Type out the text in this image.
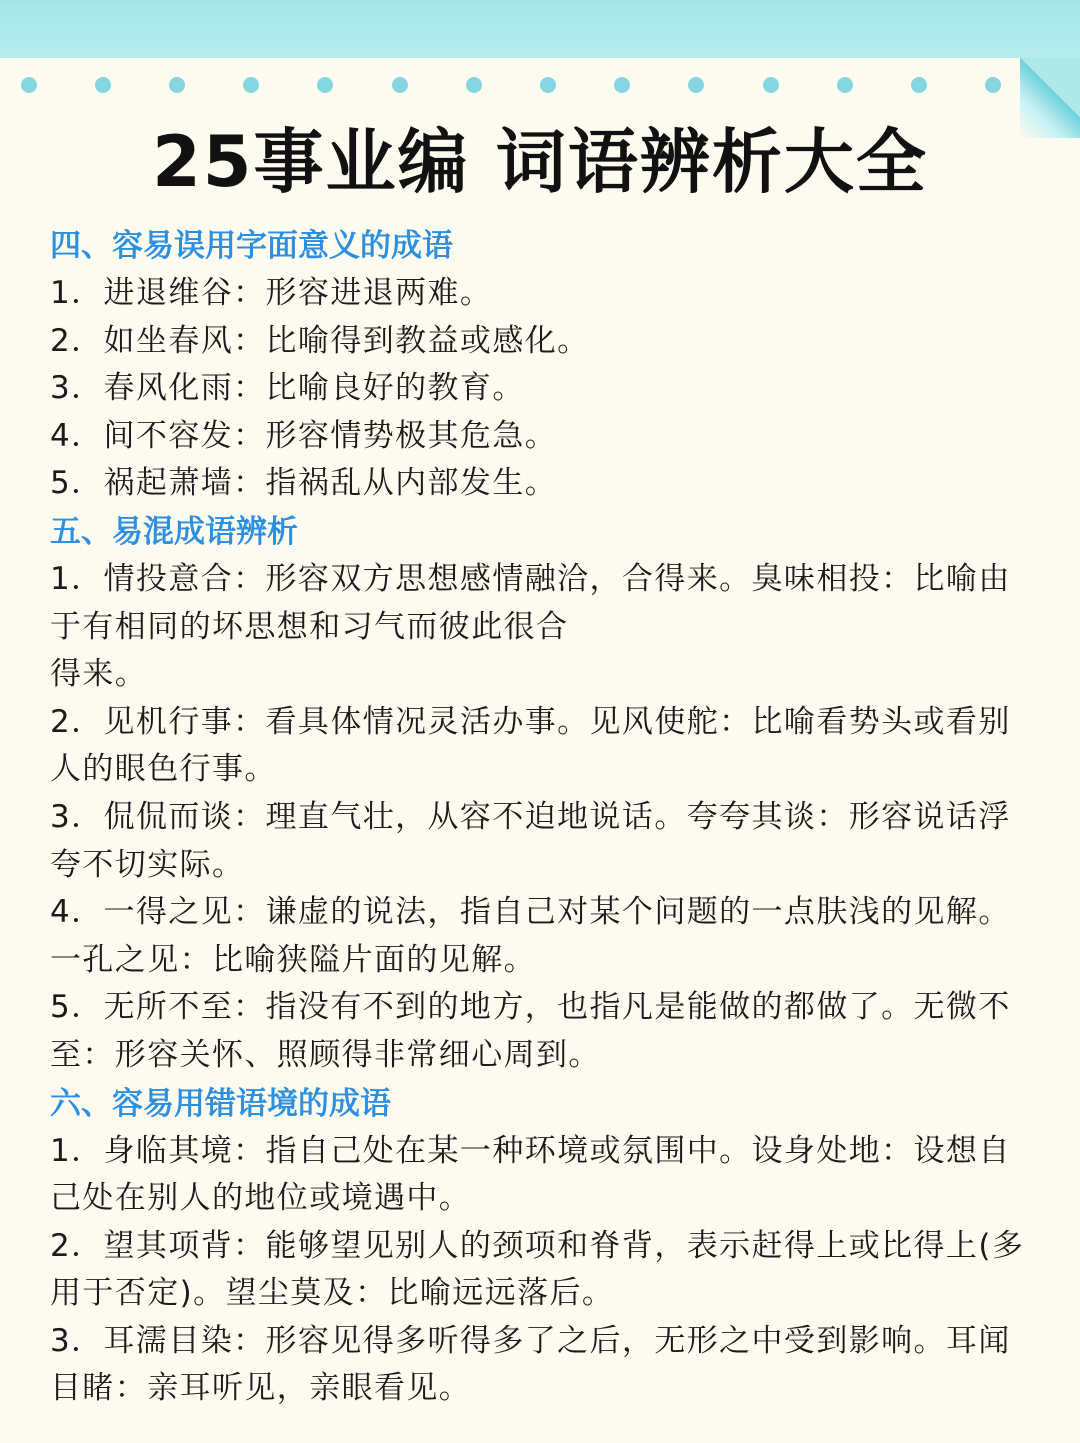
25事业编 词语辨析大全

四、容易误用字面意义的成语

1．进退维谷：形容进退两难。

2．如坐春风：比喻得到教益或感化。

3．春风化雨：比喻良好的教育。

4．间不容发：形容情势极其危急。

5．祸起萧墙：指祸乱从内部发生。

五、易混成语辨析

1．情投意合：形容双方思想感情融洽，合得来。臭味相投：比喻由
于有相同的坏思想和习气而彼此很合
得来。

2．见机行事：看具体情况灵活办事。见风使舵：比喻看势头或看别
人的眼色行事。

3．侃侃而谈：理直气壮，从容不迫地说话。夸夸其谈：形容说话浮
夸不切实际。

4．一得之见：谦虚的说法，指自己对某个问题的一点肤浅的见解。
一孔之见：比喻狭隘片面的见解。

5．无所不至：指没有不到的地方，也指凡是能做的都做了。无微不
至：形容关怀、照顾得非常细心周到。

六、容易用错语境的成语

1．身临其境：指自己处在某一种环境或氛围中。设身处地：设想自
己处在别人的地位或境遇中。

2．望其项背：能够望见别人的颈项和脊背，表示赶得上或比得上(多
用于否定)。望尘莫及：比喻远远落后。

3．耳濡目染：形容见得多听得多了之后，无形之中受到影响。耳闻
目睹：亲耳听见，亲眼看见。
